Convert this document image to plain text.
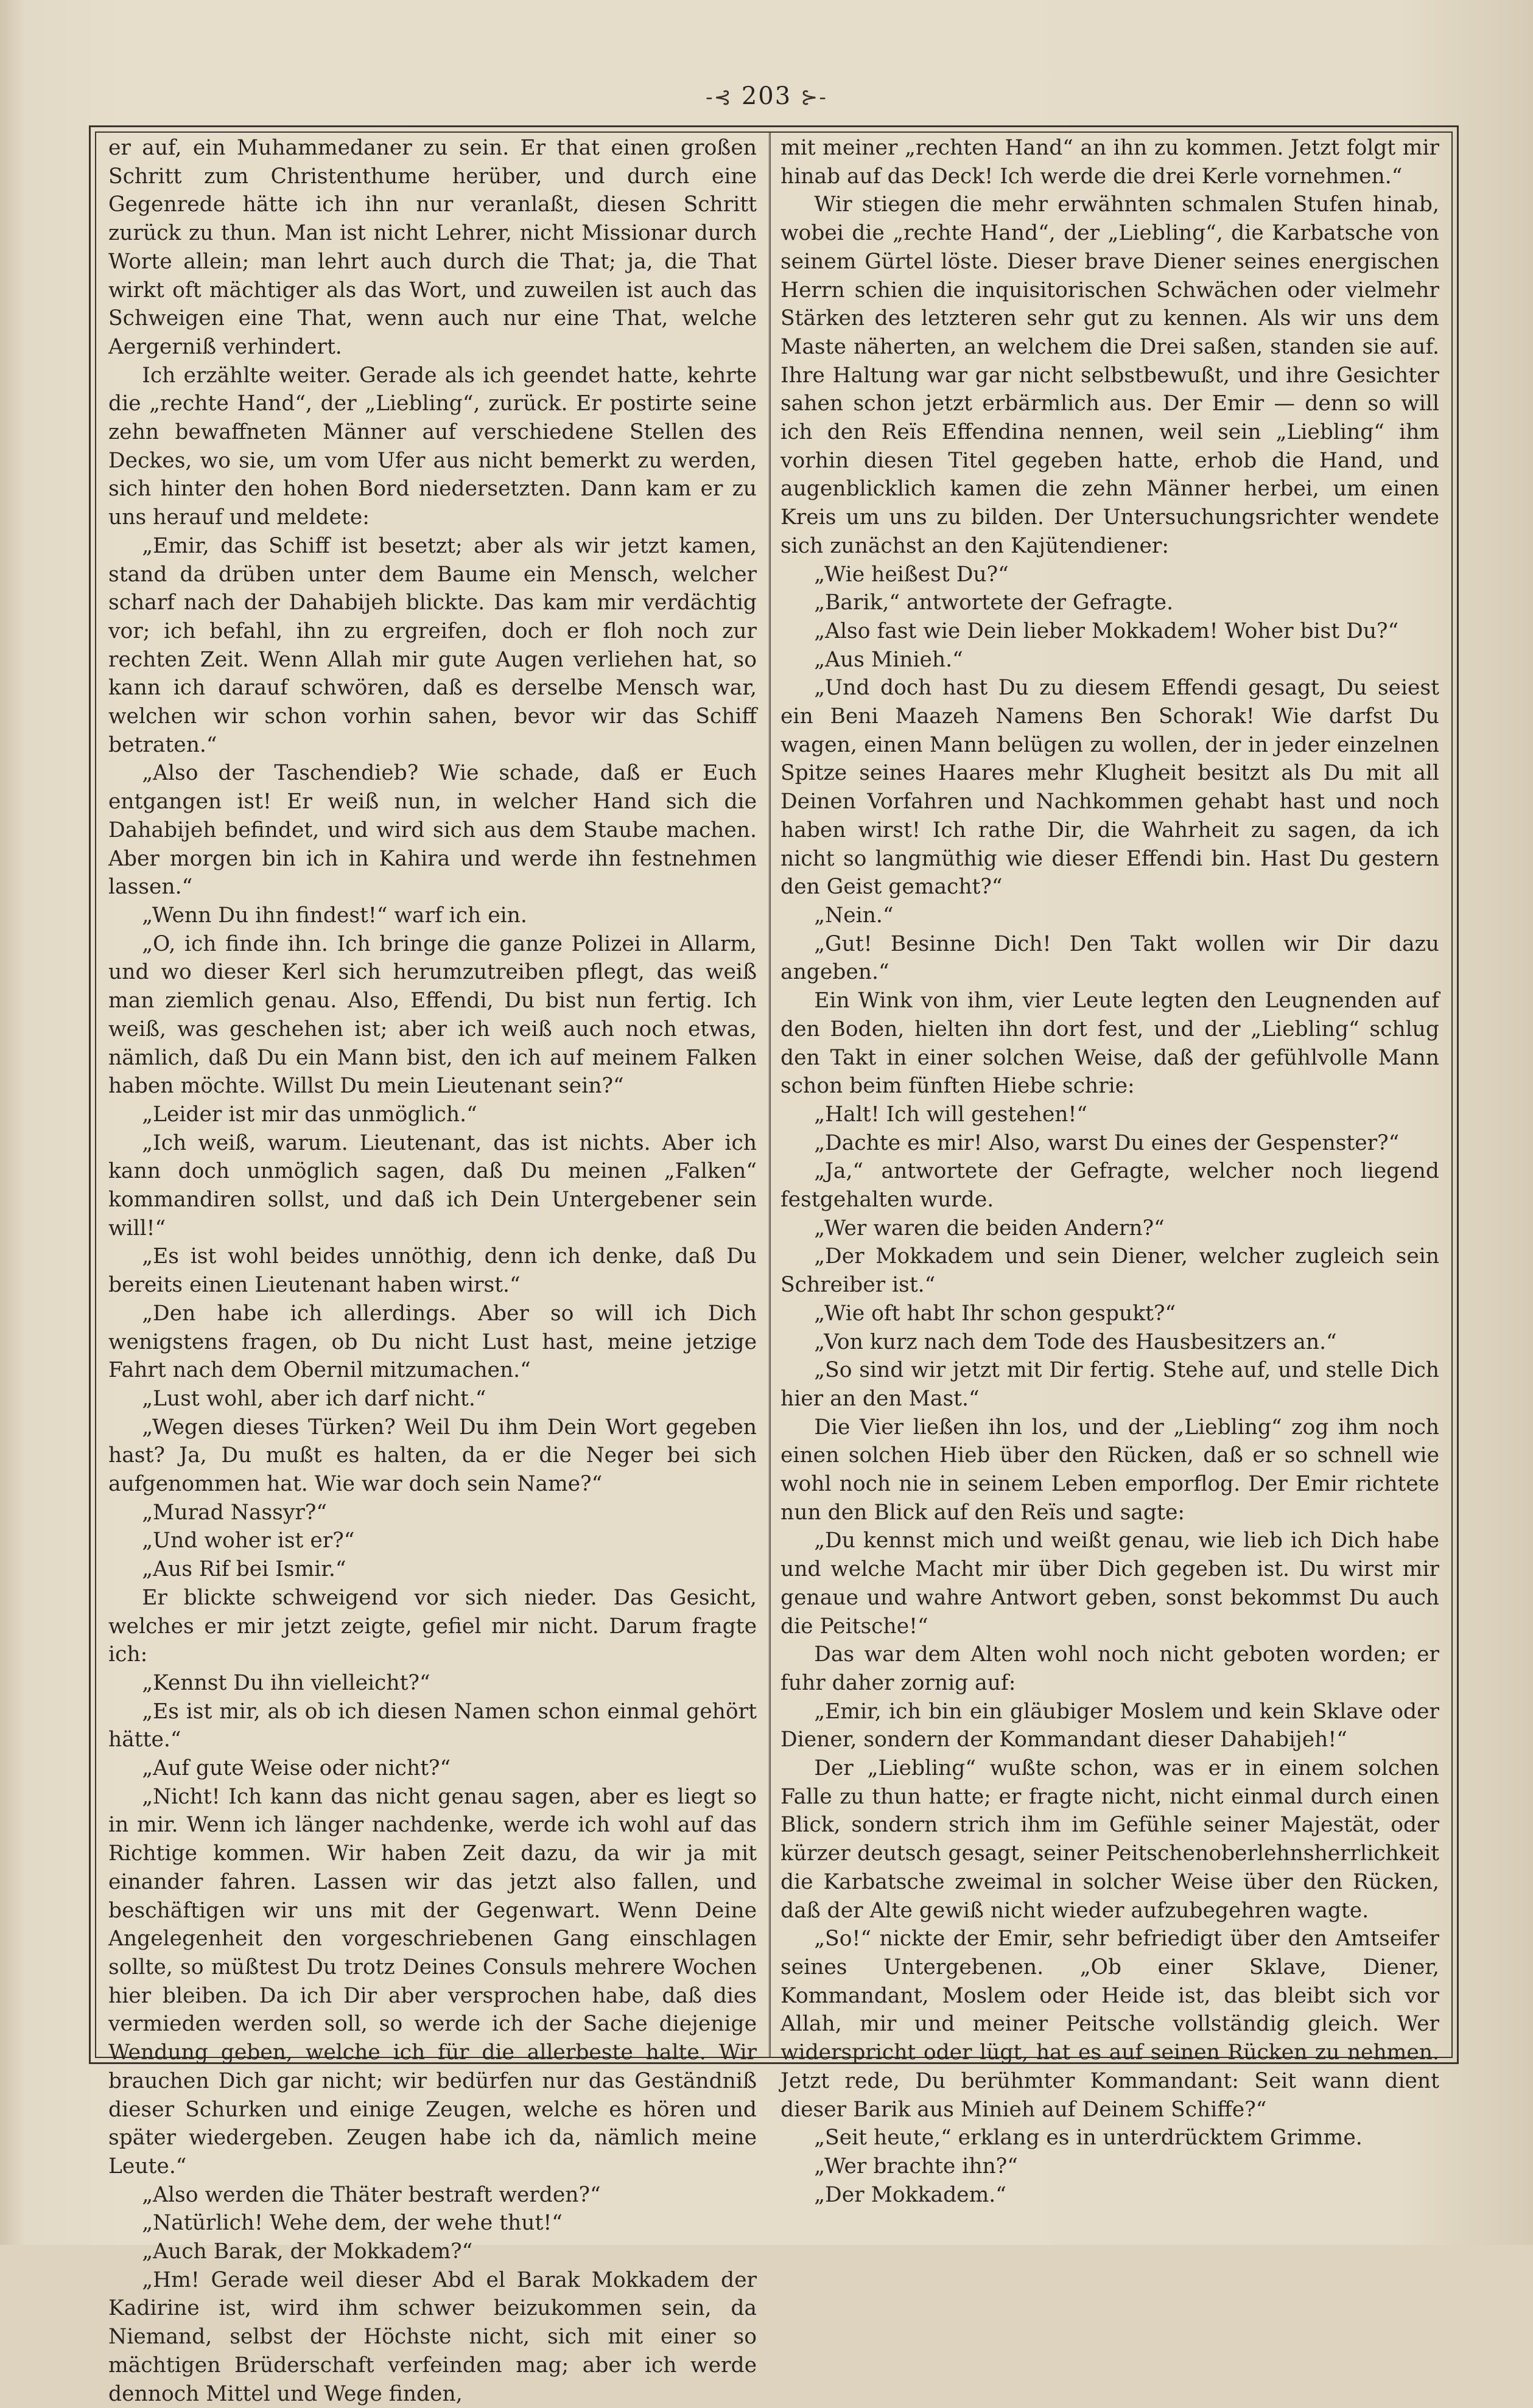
-⊰ 203 ⊱-

er auf, ein Muhammedaner zu sein. Er that einen großen Schritt zum Christenthume herüber, und durch eine Gegenrede hätte ich ihn nur veranlaßt, diesen Schritt zurück zu thun. Man ist nicht Lehrer, nicht Missionar durch Worte allein; man lehrt auch durch die That; ja, die That wirkt oft mächtiger als das Wort, und zuweilen ist auch das Schweigen eine That, wenn auch nur eine That, welche Aergerniß verhindert.

Ich erzählte weiter. Gerade als ich geendet hatte, kehrte die „rechte Hand“, der „Liebling“, zurück. Er postirte seine zehn bewaffneten Männer auf verschiedene Stellen des Deckes, wo sie, um vom Ufer aus nicht bemerkt zu werden, sich hinter den hohen Bord niedersetzten. Dann kam er zu uns herauf und meldete:

„Emir, das Schiff ist besetzt; aber als wir jetzt kamen, stand da drüben unter dem Baume ein Mensch, welcher scharf nach der Dahabijeh blickte. Das kam mir verdächtig vor; ich befahl, ihn zu ergreifen, doch er floh noch zur rechten Zeit. Wenn Allah mir gute Augen verliehen hat, so kann ich darauf schwören, daß es derselbe Mensch war, welchen wir schon vorhin sahen, bevor wir das Schiff betraten.“

„Also der Taschendieb? Wie schade, daß er Euch entgangen ist! Er weiß nun, in welcher Hand sich die Dahabijeh befindet, und wird sich aus dem Staube machen. Aber morgen bin ich in Kahira und werde ihn festnehmen lassen.“

„Wenn Du ihn findest!“ warf ich ein.

„O, ich finde ihn. Ich bringe die ganze Polizei in Allarm, und wo dieser Kerl sich herumzutreiben pflegt, das weiß man ziemlich genau. Also, Effendi, Du bist nun fertig. Ich weiß, was geschehen ist; aber ich weiß auch noch etwas, nämlich, daß Du ein Mann bist, den ich auf meinem Falken haben möchte. Willst Du mein Lieutenant sein?“

„Leider ist mir das unmöglich.“

„Ich weiß, warum. Lieutenant, das ist nichts. Aber ich kann doch unmöglich sagen, daß Du meinen „Falken“ kommandiren sollst, und daß ich Dein Untergebener sein will!“

„Es ist wohl beides unnöthig, denn ich denke, daß Du bereits einen Lieutenant haben wirst.“

„Den habe ich allerdings. Aber so will ich Dich wenigstens fragen, ob Du nicht Lust hast, meine jetzige Fahrt nach dem Obernil mitzumachen.“

„Lust wohl, aber ich darf nicht.“

„Wegen dieses Türken? Weil Du ihm Dein Wort gegeben hast? Ja, Du mußt es halten, da er die Neger bei sich aufgenommen hat. Wie war doch sein Name?“

„Murad Nassyr?“

„Und woher ist er?“

„Aus Rif bei Ismir.“

Er blickte schweigend vor sich nieder. Das Gesicht, welches er mir jetzt zeigte, gefiel mir nicht. Darum fragte ich:

„Kennst Du ihn vielleicht?“

„Es ist mir, als ob ich diesen Namen schon einmal gehört hätte.“

„Auf gute Weise oder nicht?“

„Nicht! Ich kann das nicht genau sagen, aber es liegt so in mir. Wenn ich länger nachdenke, werde ich wohl auf das Richtige kommen. Wir haben Zeit dazu, da wir ja mit einander fahren. Lassen wir das jetzt also fallen, und beschäftigen wir uns mit der Gegenwart. Wenn Deine Angelegenheit den vorgeschriebenen Gang einschlagen sollte, so müßtest Du trotz Deines Consuls mehrere Wochen hier bleiben. Da ich Dir aber versprochen habe, daß dies vermieden werden soll, so werde ich der Sache diejenige Wendung geben, welche ich für die allerbeste halte. Wir brauchen Dich gar nicht; wir bedürfen nur das Geständniß dieser Schurken und einige Zeugen, welche es hören und später wiedergeben. Zeugen habe ich da, nämlich meine Leute.“

„Also werden die Thäter bestraft werden?“

„Natürlich! Wehe dem, der wehe thut!“

„Auch Barak, der Mokkadem?“

„Hm! Gerade weil dieser Abd el Barak Mokkadem der Kadirine ist, wird ihm schwer beizukommen sein, da Niemand, selbst der Höchste nicht, sich mit einer so mächtigen Brüderschaft verfeinden mag; aber ich werde dennoch Mittel und Wege finden,

mit meiner „rechten Hand“ an ihn zu kommen. Jetzt folgt mir hinab auf das Deck! Ich werde die drei Kerle vornehmen.“

Wir stiegen die mehr erwähnten schmalen Stufen hinab, wobei die „rechte Hand“, der „Liebling“, die Karbatsche von seinem Gürtel löste. Dieser brave Diener seines energischen Herrn schien die inquisitorischen Schwächen oder vielmehr Stärken des letzteren sehr gut zu kennen. Als wir uns dem Maste näherten, an welchem die Drei saßen, standen sie auf. Ihre Haltung war gar nicht selbstbewußt, und ihre Gesichter sahen schon jetzt erbärmlich aus. Der Emir — denn so will ich den Reïs Effendina nennen, weil sein „Liebling“ ihm vorhin diesen Titel gegeben hatte, erhob die Hand, und augenblicklich kamen die zehn Männer herbei, um einen Kreis um uns zu bilden. Der Untersuchungsrichter wendete sich zunächst an den Kajütendiener:

„Wie heißest Du?“

„Barik,“ antwortete der Gefragte.

„Also fast wie Dein lieber Mokkadem! Woher bist Du?“

„Aus Minieh.“

„Und doch hast Du zu diesem Effendi gesagt, Du seiest ein Beni Maazeh Namens Ben Schorak! Wie darfst Du wagen, einen Mann belügen zu wollen, der in jeder einzelnen Spitze seines Haares mehr Klugheit besitzt als Du mit all Deinen Vorfahren und Nachkommen gehabt hast und noch haben wirst! Ich rathe Dir, die Wahrheit zu sagen, da ich nicht so langmüthig wie dieser Effendi bin. Hast Du gestern den Geist gemacht?“

„Nein.“

„Gut! Besinne Dich! Den Takt wollen wir Dir dazu angeben.“

Ein Wink von ihm, vier Leute legten den Leugnenden auf den Boden, hielten ihn dort fest, und der „Liebling“ schlug den Takt in einer solchen Weise, daß der gefühlvolle Mann schon beim fünften Hiebe schrie:

„Halt! Ich will gestehen!“

„Dachte es mir! Also, warst Du eines der Gespenster?“

„Ja,“ antwortete der Gefragte, welcher noch liegend festgehalten wurde.

„Wer waren die beiden Andern?“

„Der Mokkadem und sein Diener, welcher zugleich sein Schreiber ist.“

„Wie oft habt Ihr schon gespukt?“

„Von kurz nach dem Tode des Hausbesitzers an.“

„So sind wir jetzt mit Dir fertig. Stehe auf, und stelle Dich hier an den Mast.“

Die Vier ließen ihn los, und der „Liebling“ zog ihm noch einen solchen Hieb über den Rücken, daß er so schnell wie wohl noch nie in seinem Leben emporflog. Der Emir richtete nun den Blick auf den Reïs und sagte:

„Du kennst mich und weißt genau, wie lieb ich Dich habe und welche Macht mir über Dich gegeben ist. Du wirst mir genaue und wahre Antwort geben, sonst bekommst Du auch die Peitsche!“

Das war dem Alten wohl noch nicht geboten worden; er fuhr daher zornig auf:

„Emir, ich bin ein gläubiger Moslem und kein Sklave oder Diener, sondern der Kommandant dieser Dahabijeh!“

Der „Liebling“ wußte schon, was er in einem solchen Falle zu thun hatte; er fragte nicht, nicht einmal durch einen Blick, sondern strich ihm im Gefühle seiner Majestät, oder kürzer deutsch gesagt, seiner Peitschenoberlehnsherrlichkeit die Karbatsche zweimal in solcher Weise über den Rücken, daß der Alte gewiß nicht wieder aufzubegehren wagte.

„So!“ nickte der Emir, sehr befriedigt über den Amtseifer seines Untergebenen. „Ob einer Sklave, Diener, Kommandant, Moslem oder Heide ist, das bleibt sich vor Allah, mir und meiner Peitsche vollständig gleich. Wer widerspricht oder lügt, hat es auf seinen Rücken zu nehmen. Jetzt rede, Du berühmter Kommandant: Seit wann dient dieser Barik aus Minieh auf Deinem Schiffe?“

„Seit heute,“ erklang es in unterdrücktem Grimme.

„Wer brachte ihn?“

„Der Mokkadem.“
